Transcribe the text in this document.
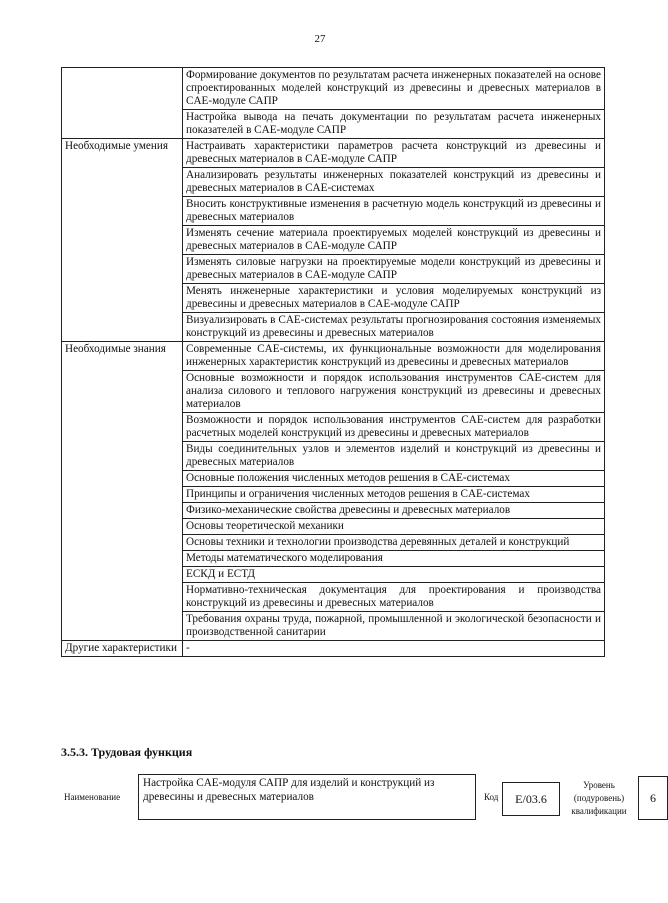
27
	Формирование документов по результатам расчета инженерных показателей на основе спроектированных моделей конструкций из древесины и древесных материалов в CAE-модуле САПР
	Настройка вывода на печать документации по результатам расчета инженерных показателей в CAE-модуле САПР
Необходимые умения	Настраивать характеристики параметров расчета конструкций из древесины и древесных материалов в CAE-модуле САПР
	Анализировать результаты инженерных показателей конструкций из древесины и древесных материалов в CAE-системах
	Вносить конструктивные изменения в расчетную модель конструкций из древесины и древесных материалов
	Изменять сечение материала проектируемых моделей конструкций из древесины и древесных материалов в CAE-модуле САПР
	Изменять силовые нагрузки на проектируемые модели конструкций из древесины и древесных материалов в CAE-модуле САПР
	Менять инженерные характеристики и условия моделируемых конструкций из древесины и древесных материалов в CAE-модуле САПР
	Визуализировать в CAE-системах результаты прогнозирования состояния изменяемых конструкций из древесины и древесных материалов
Необходимые знания	Современные CAE-системы, их функциональные возможности для моделирования инженерных характеристик конструкций из древесины и древесных материалов
	Основные возможности и порядок использования инструментов CAE-систем для анализа силового и теплового нагружения конструкций из древесины и древесных материалов
	Возможности и порядок использования инструментов CAE-систем для разработки расчетных моделей конструкций из древесины и древесных материалов
	Виды соединительных узлов и элементов изделий и конструкций из древесины и древесных материалов
	Основные положения численных методов решения в CAE-системах
	Принципы и ограничения численных методов решения в CAE-системах
	Физико-механические свойства древесины и древесных материалов
	Основы теоретической механики
	Основы техники и технологии производства деревянных деталей и конструкций
	Методы математического моделирования
	ЕСКД и ЕСТД
	Нормативно-техническая документация для проектирования и производства конструкций из древесины и древесных материалов
	Требования охраны труда, пожарной, промышленной и экологической безопасности и производственной санитарии
Другие характеристики	-
3.5.3. Трудовая функция
Наименование
Настройка CAE-модуля САПР для изделий и конструкций из древесины и древесных материалов	Код	E/03.6
Уровень (подуровень) квалификации
6
